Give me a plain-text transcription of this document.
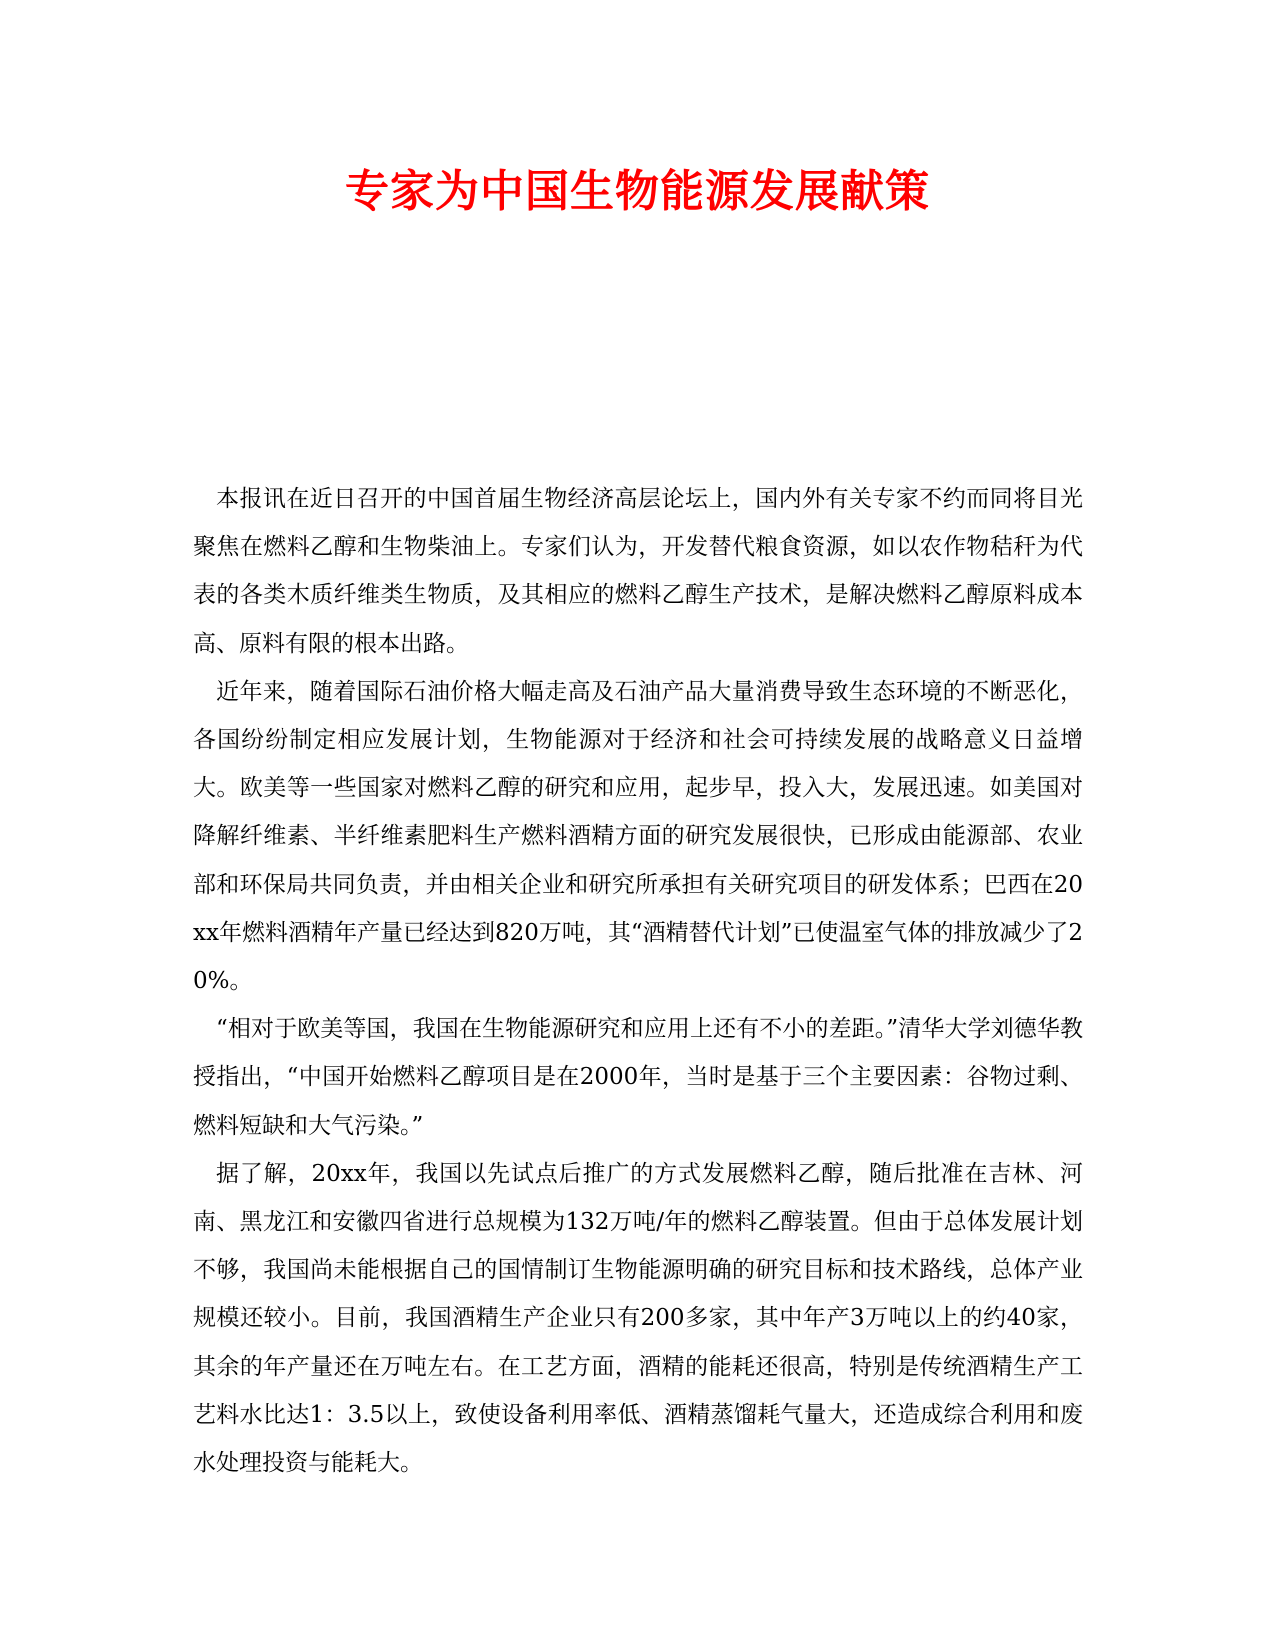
专家为中国生物能源发展献策

本报讯在近日召开的中国首届生物经济高层论坛上，国内外有关专家不约而同将目光聚焦在燃料乙醇和生物柴油上。专家们认为，开发替代粮食资源，如以农作物秸秆为代表的各类木质纤维类生物质，及其相应的燃料乙醇生产技术，是解决燃料乙醇原料成本高、原料有限的根本出路。

近年来，随着国际石油价格大幅走高及石油产品大量消费导致生态环境的不断恶化，各国纷纷制定相应发展计划，生物能源对于经济和社会可持续发展的战略意义日益增大。欧美等一些国家对燃料乙醇的研究和应用，起步早，投入大，发展迅速。如美国对降解纤维素、半纤维素肥料生产燃料酒精方面的研究发展很快，已形成由能源部、农业部和环保局共同负责，并由相关企业和研究所承担有关研究项目的研发体系；巴西在20xx年燃料酒精年产量已经达到820万吨，其“酒精替代计划”已使温室气体的排放减少了20%。

“相对于欧美等国，我国在生物能源研究和应用上还有不小的差距。”清华大学刘德华教授指出，“中国开始燃料乙醇项目是在2000年，当时是基于三个主要因素：谷物过剩、燃料短缺和大气污染。”

据了解，20xx年，我国以先试点后推广的方式发展燃料乙醇，随后批准在吉林、河南、黑龙江和安徽四省进行总规模为132万吨/年的燃料乙醇装置。但由于总体发展计划不够，我国尚未能根据自己的国情制订生物能源明确的研究目标和技术路线，总体产业规模还较小。目前，我国酒精生产企业只有200多家，其中年产3万吨以上的约40家，其余的年产量还在万吨左右。在工艺方面，酒精的能耗还很高，特别是传统酒精生产工艺料水比达1：3.5以上，致使设备利用率低、酒精蒸馏耗气量大，还造成综合利用和废水处理投资与能耗大。
